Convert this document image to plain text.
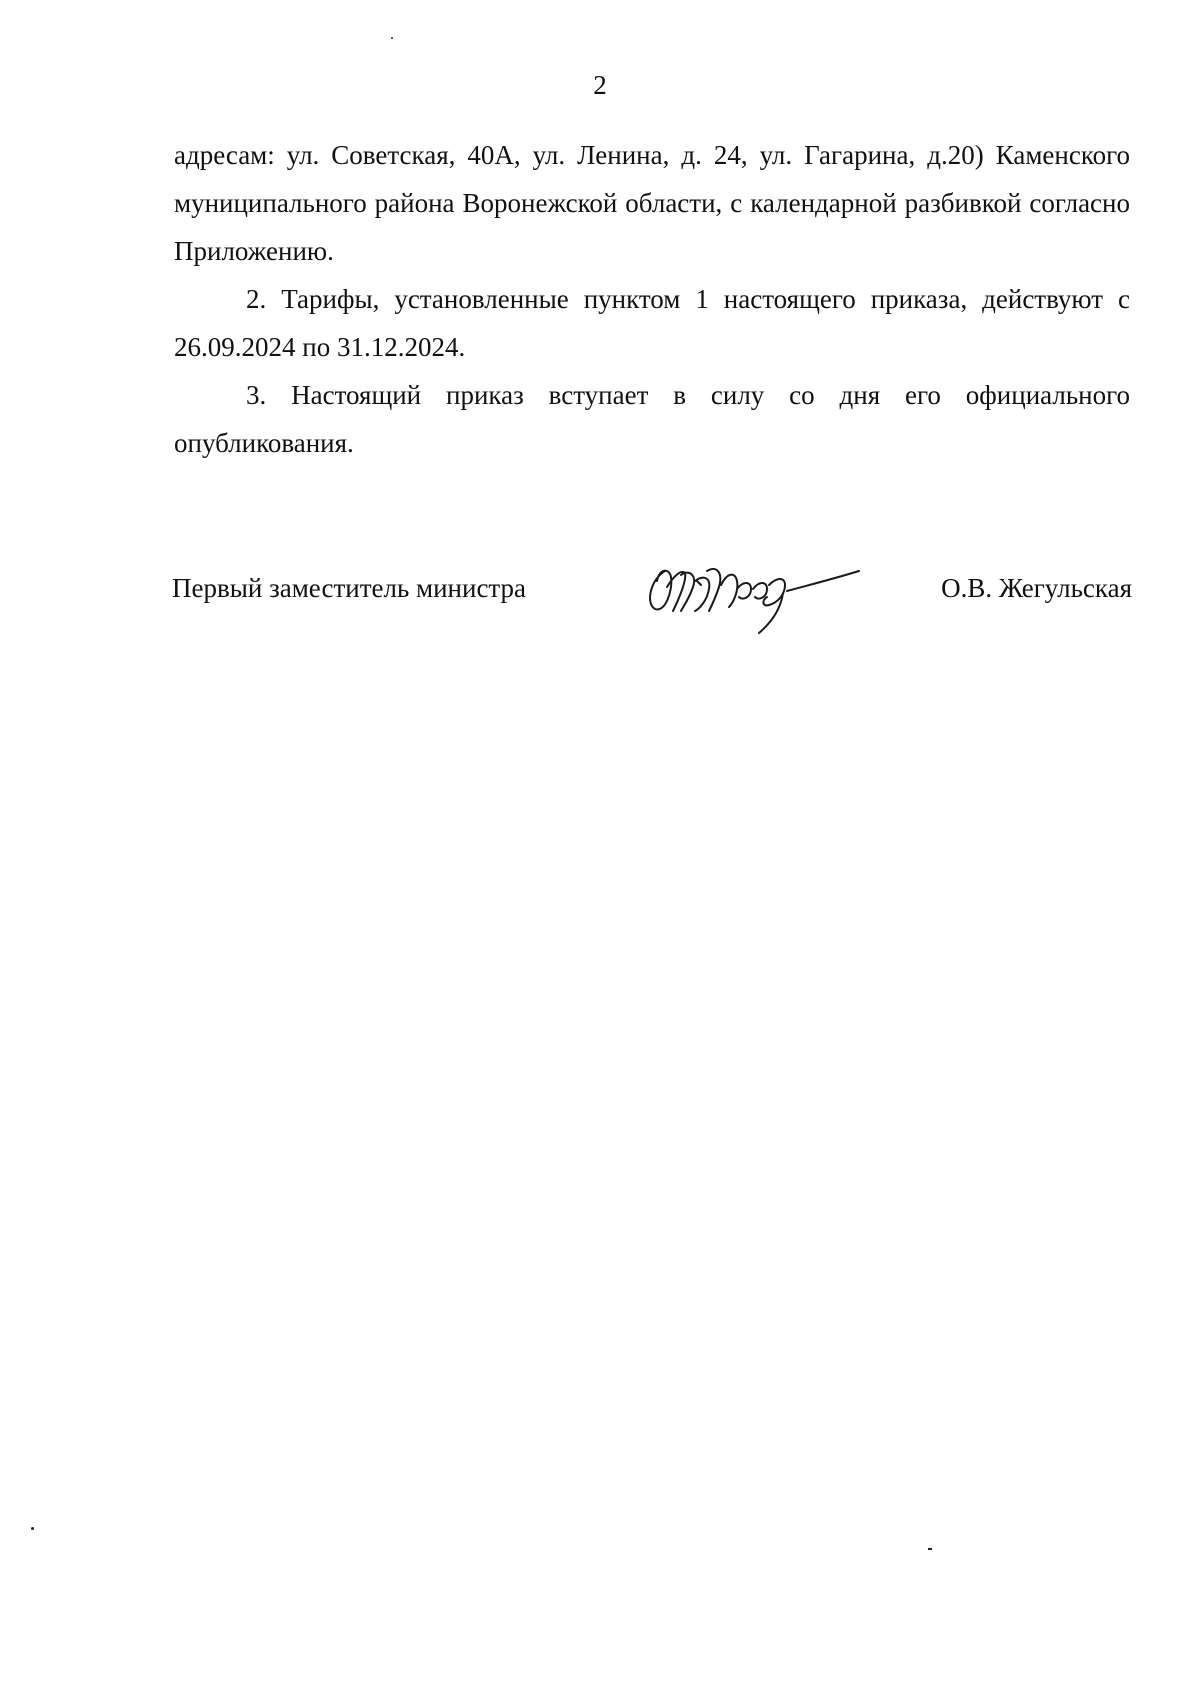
2

адресам: ул. Советская, 40А, ул. Ленина, д. 24, ул. Гагарина, д.20) Каменского муниципального района Воронежской области, с календарной разбивкой согласно Приложению.

2. Тарифы, установленные пунктом 1 настоящего приказа, действуют с 26.09.2024 по 31.12.2024.

3. Настоящий приказ вступает в силу со дня его официального опубликования.

Первый заместитель министра	О.В. Жегульская
